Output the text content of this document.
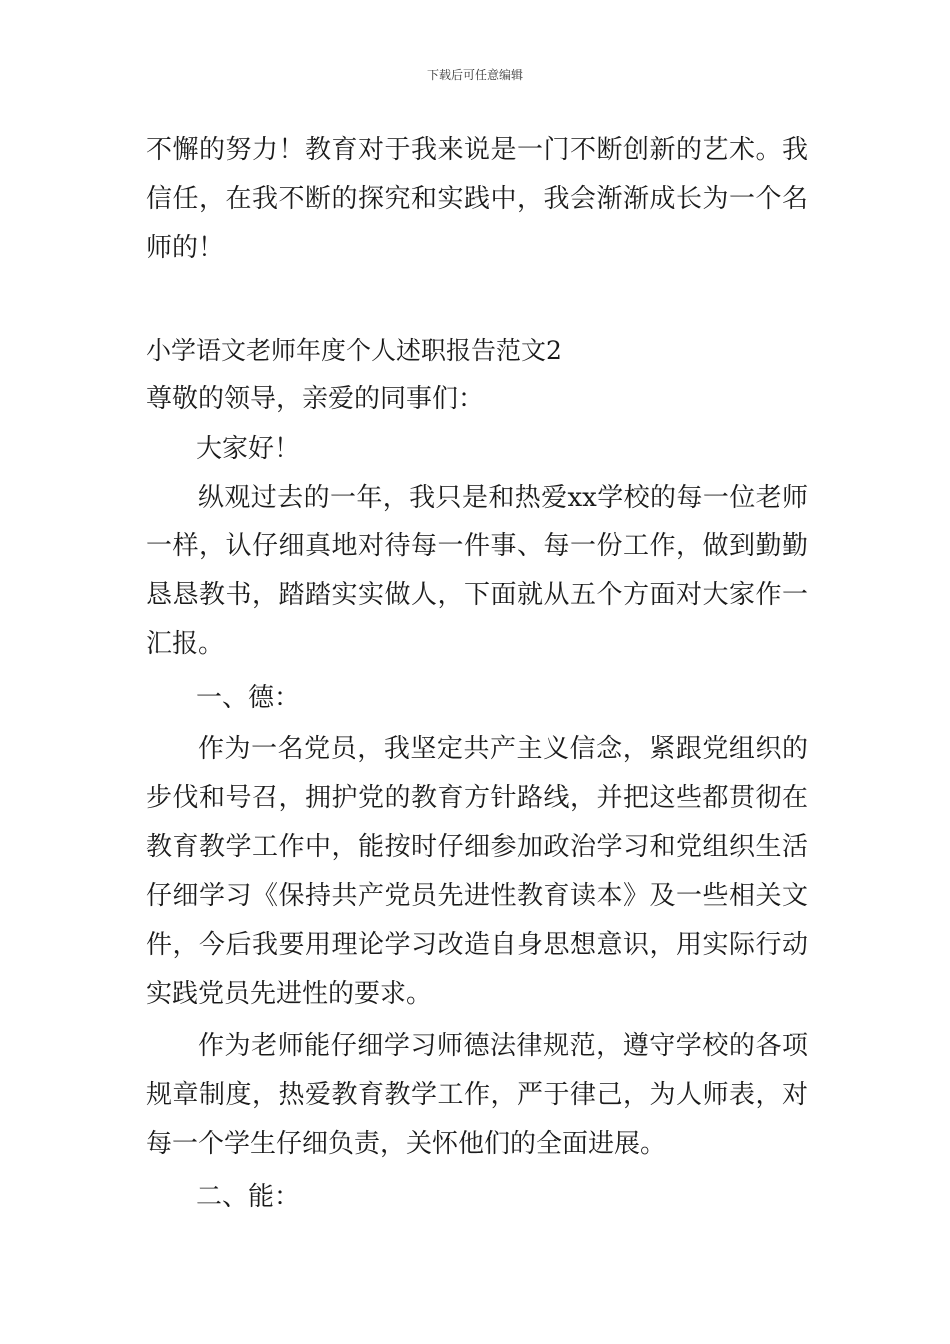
下载后可任意编辑
不懈的努力！教育对于我来说是一门不断创新的艺术。我
信任，在我不断的探究和实践中，我会渐渐成长为一个名
师的！
小学语文老师年度个人述职报告范文2
尊敬的领导，亲爱的同事们：
大家好！
纵观过去的一年，我只是和热爱xx学校的每一位老师
一样，认仔细真地对待每一件事、每一份工作，做到勤勤
恳恳教书，踏踏实实做人，下面就从五个方面对大家作一
汇报。
一、德：
作为一名党员，我坚定共产主义信念，紧跟党组织的
步伐和号召，拥护党的教育方针路线，并把这些都贯彻在
教育教学工作中，能按时仔细参加政治学习和党组织生活
仔细学习《保持共产党员先进性教育读本》及一些相关文
件，今后我要用理论学习改造自身思想意识，用实际行动
实践党员先进性的要求。
作为老师能仔细学习师德法律规范，遵守学校的各项
规章制度，热爱教育教学工作，严于律己，为人师表，对
每一个学生仔细负责，关怀他们的全面进展。
二、能：
